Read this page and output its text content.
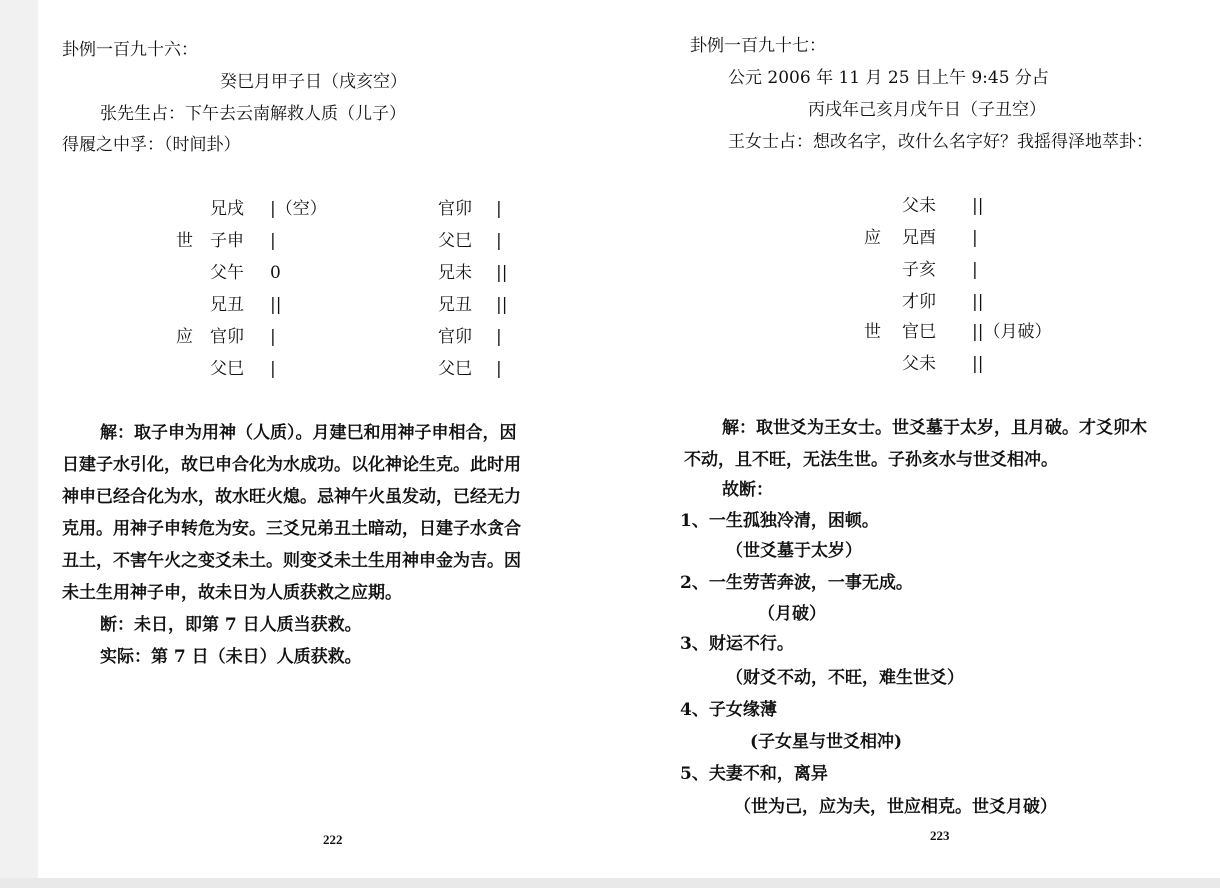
卦例一百九十六：
癸巳月甲子日（戌亥空）
张先生占：下午去云南解救人质（儿子）
得履之中孚：（时间卦）
兄戌 |（空）
世 子申 |
父午 0
兄丑 ||
应 官卯 |
父巳 |
官卯 |
父巳 |
兄未 ||
兄丑 ||
官卯 |
父巳 |
解：取子申为用神（人质）。月建巳和用神子申相合，因
日建子水引化，故巳申合化为水成功。以化神论生克。此时用
神申已经合化为水，故水旺火熄。忌神午火虽发动，已经无力
克用。用神子申转危为安。三爻兄弟丑土暗动，日建子水贪合
丑土，不害午火之变爻未土。则变爻未土生用神申金为吉。因
未土生用神子申，故未日为人质获救之应期。
断：未日，即第 7 日人质当获救。
实际：第 7 日（未日）人质获救。
222
卦例一百九十七：
公元 2006 年 11 月 25 日上午 9:45 分占
丙戌年己亥月戊午日（子丑空）
王女士占：想改名字，改什么名字好？我摇得泽地萃卦：
父未 ||
应 兄酉 |
子亥 |
才卯 ||
世 官巳 ||（月破）
父未 ||
解：取世爻为王女士。世爻墓于太岁，且月破。才爻卯木
不动，且不旺，无法生世。子孙亥水与世爻相冲。
故断：
1、一生孤独冷清，困顿。
（世爻墓于太岁）
2、一生劳苦奔波，一事无成。
（月破）
3、财运不行。
（财爻不动，不旺，难生世爻）
4、子女缘薄
(子女星与世爻相冲)
5、夫妻不和，离异
（世为己，应为夫，世应相克。世爻月破）
223
